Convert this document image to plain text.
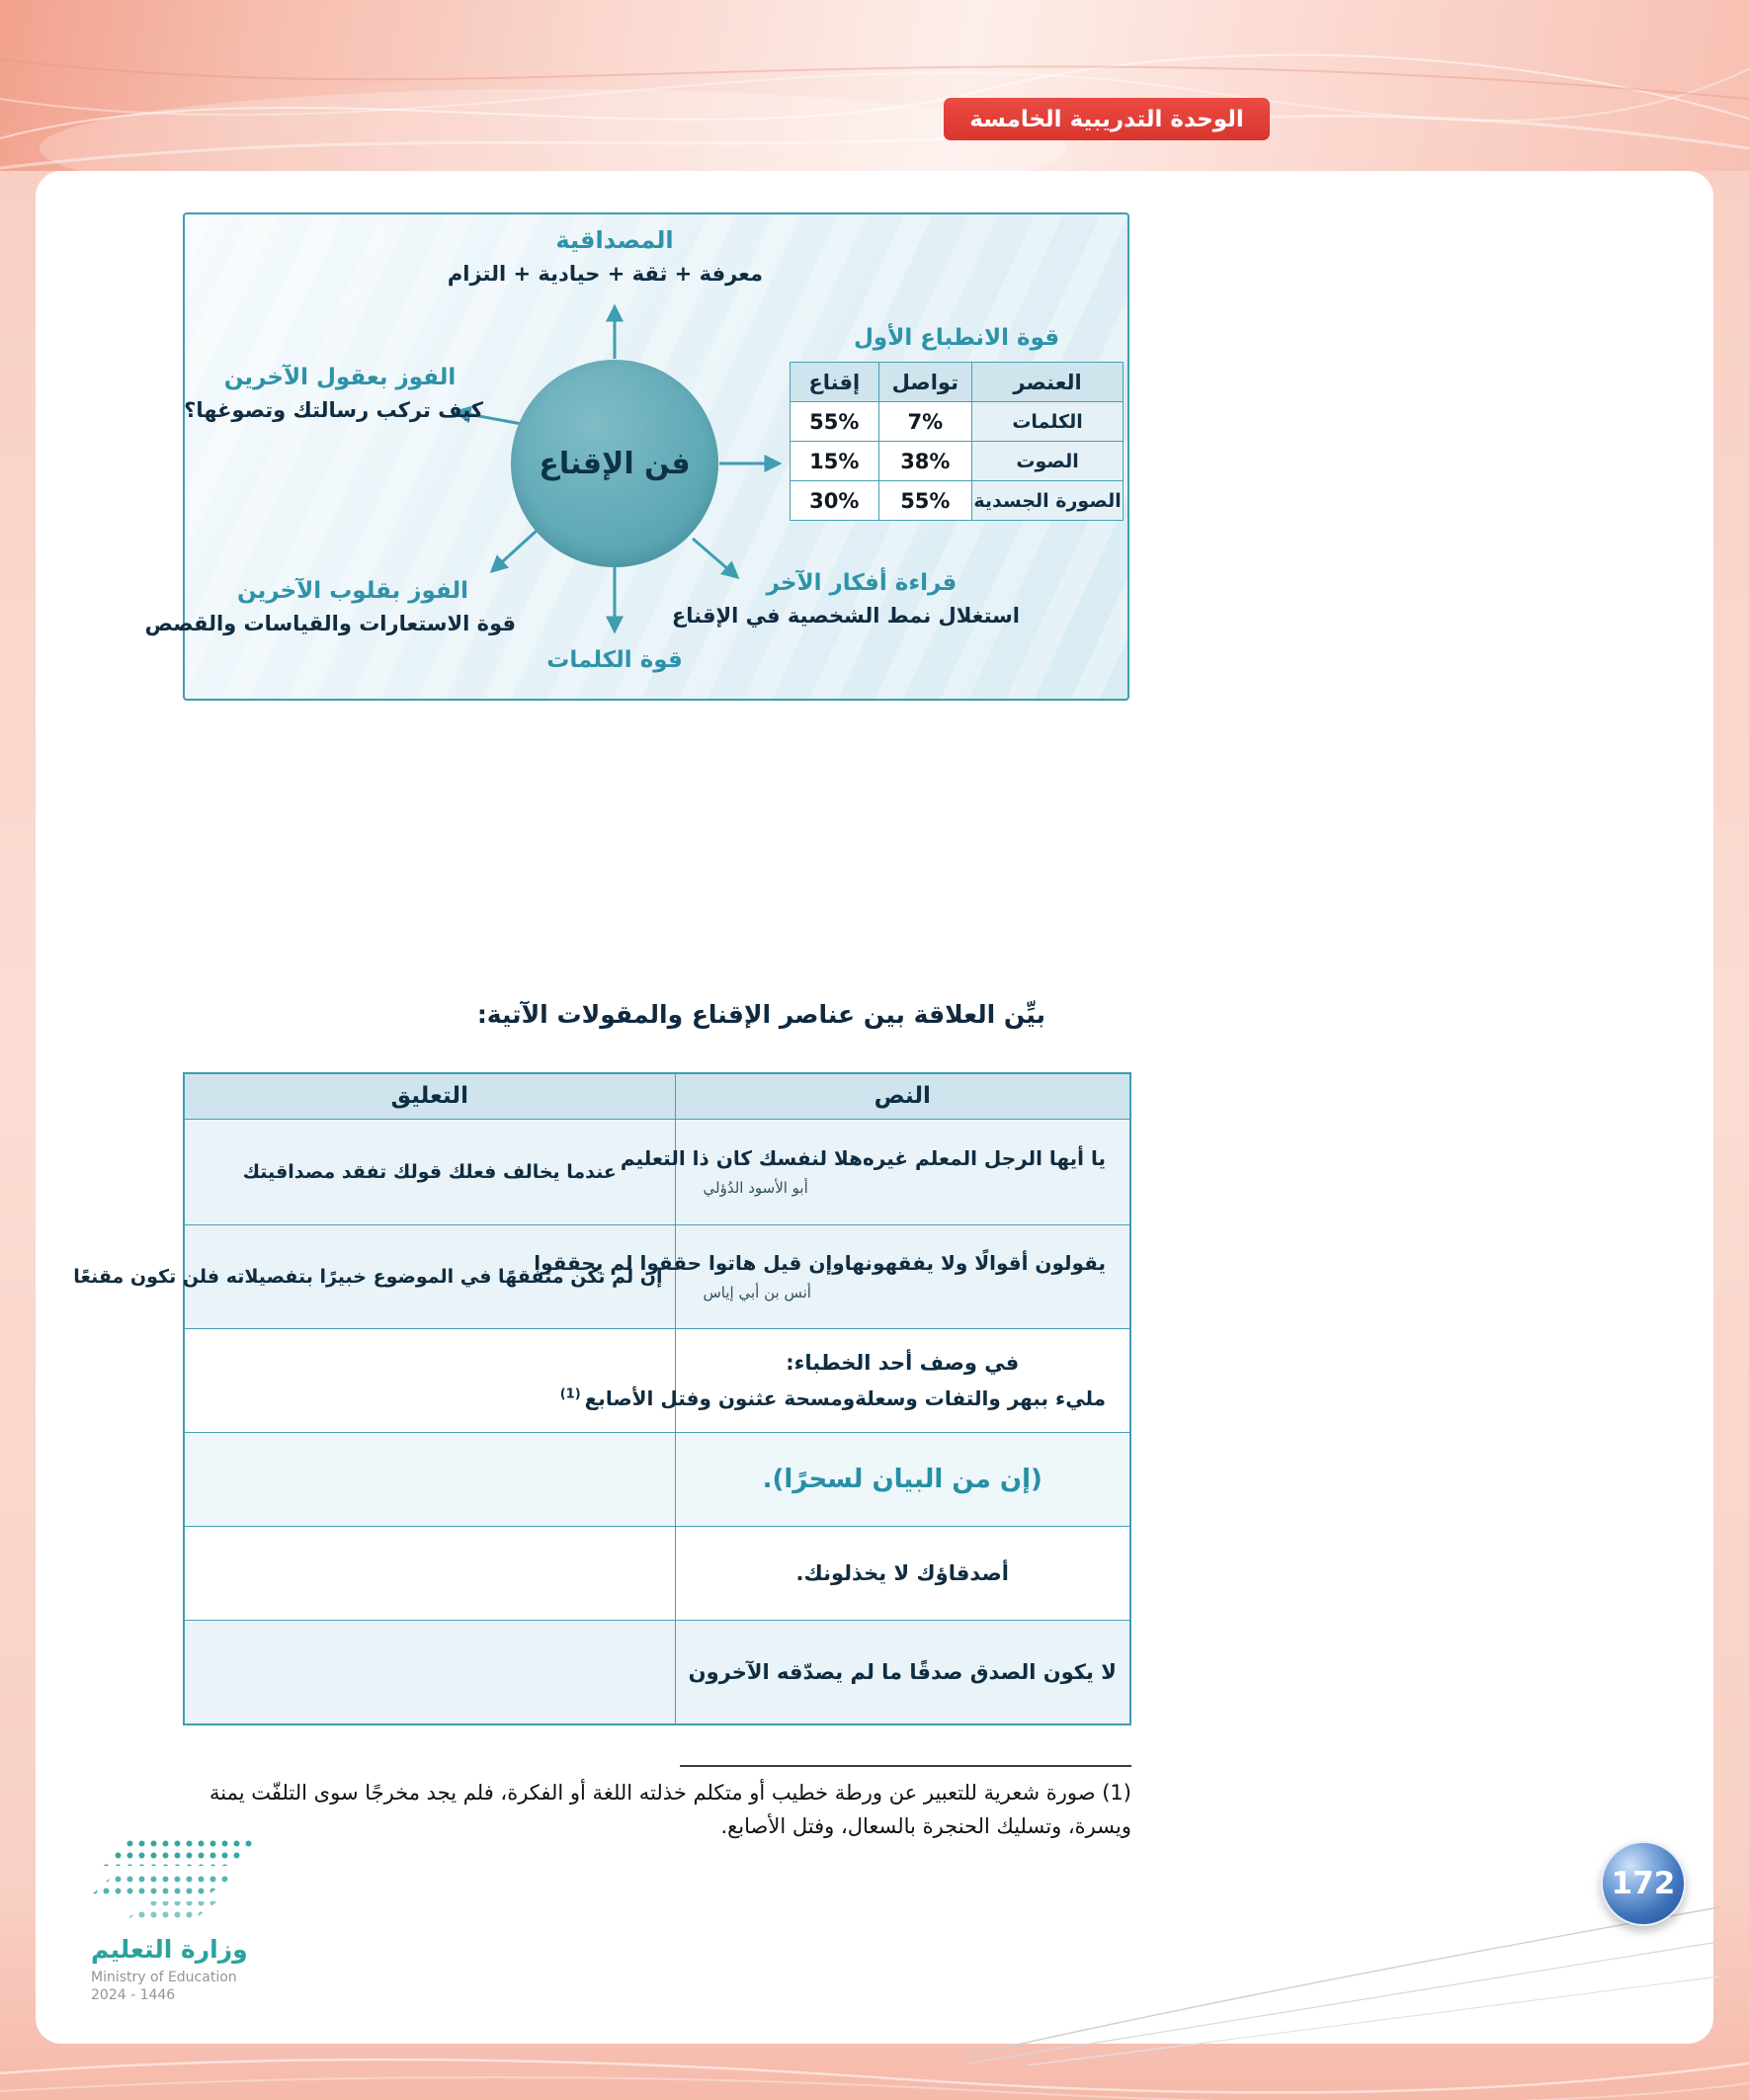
الوحدة التدريبية الخامسة
فن الإقناع
المصداقية
معرفة + ثقة + حيادية + التزام
الفوز بعقول الآخرين
كيف تركب رسالتك وتصوغها؟
الفوز بقلوب الآخرين
قوة الاستعارات والقياسات والقصص
قراءة أفكار الآخر
استغلال نمط الشخصية في الإقناع
قوة الكلمات
قوة الانطباع الأول
العنصر	تواصل	إقناع
الكلمات	7%	55%
الصوت	38%	15%
الصورة الجسدية	55%	30%
بيِّن العلاقة بين عناصر الإقناع والمقولات الآتية:
النص	التعليق

يا أيها الرجل المعلم غيره
هلا لنفسك كان ذا التعليم
أبو الأسود الدُؤلي	عندما يخالف فعلك قولك تفقد مصداقيتك

يقولون أقوالًا ولا يفقهونها
وإن قيل هاتوا حققوا لم يحققوا
أنس بن أبي إياس	إن لم تكن متفقهًا في الموضوع خبيرًا بتفصيلاته فلن تكون مقنعًا

في وصف أحد الخطباء:
مليء ببهر والتفات وسعلة
ومسحة عثنون وفتل الأصابع $^{(1)}$

(إن من البيان لسحرًا).	

أصدقاؤك لا يخذلونك.	

لا يكون الصدق صدقًا ما لم يصدّقه الآخرون	

(1) صورة شعرية للتعبير عن ورطة خطيب أو متكلم خذلته اللغة أو الفكرة، فلم يجد مخرجًا سوى التلفّت يمنة ويسرة، وتسليك الحنجرة بالسعال، وفتل الأصابع.

172
وزارة التعليم
Ministry of Education
2024 - 1446
